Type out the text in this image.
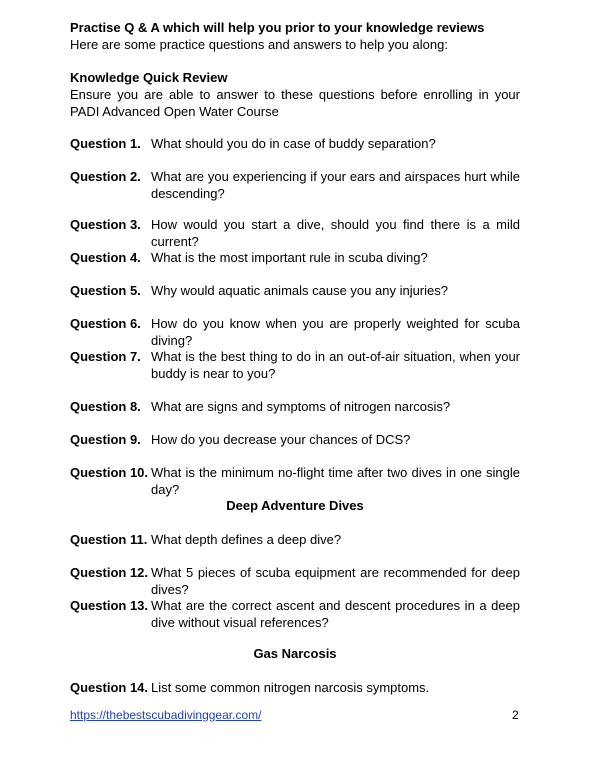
Practise Q & A which will help you prior to your knowledge reviews
Here are some practice questions and answers to help you along:
Knowledge Quick Review
Ensure you are able to answer to these questions before enrolling in your PADI Advanced Open Water Course
Question 1. What should you do in case of buddy separation?
Question 2. What are you experiencing if your ears and airspaces hurt while descending?
Question 3. How would you start a dive, should you find there is a mild current?
Question 4. What is the most important rule in scuba diving?
Question 5. Why would aquatic animals cause you any injuries?
Question 6. How do you know when you are properly weighted for scuba diving?
Question 7. What is the best thing to do in an out-of-air situation, when your buddy is near to you?
Question 8. What are signs and symptoms of nitrogen narcosis?
Question 9. How do you decrease your chances of DCS?
Question 10. What is the minimum no-flight time after two dives in one single day?
Deep Adventure Dives
Question 11. What depth defines a deep dive?
Question 12. What 5 pieces of scuba equipment are recommended for deep dives?
Question 13. What are the correct ascent and descent procedures in a deep dive without visual references?
Gas Narcosis
Question 14. List some common nitrogen narcosis symptoms.
https://thebestscubadivinggear.com/	2
